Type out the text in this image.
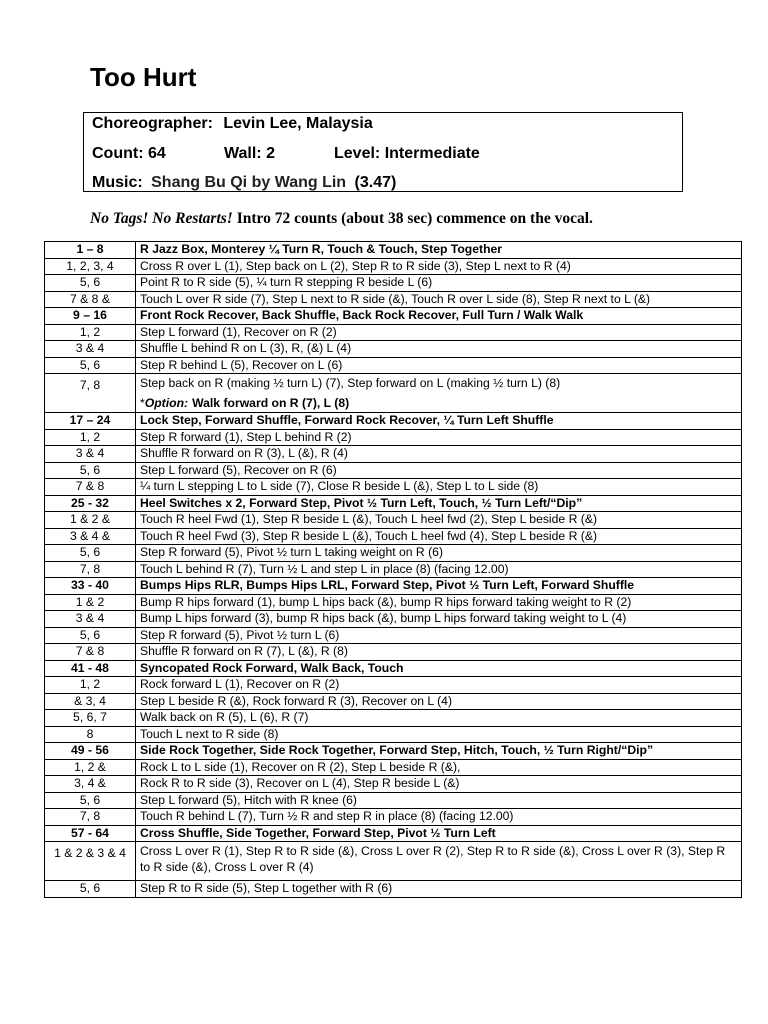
Too Hurt
Choreographer: Levin Lee, Malaysia
Count: 64	Wall: 2	Level: Intermediate
Music: Shang Bu Qi by Wang Lin (3.47)
No Tags! No Restarts! Intro 72 counts (about 38 sec) commence on the vocal.
1 – 8	R Jazz Box, Monterey ¼ Turn R, Touch & Touch, Step Together
1, 2, 3, 4	Cross R over L (1), Step back on L (2), Step R to R side (3), Step L next to R (4)
5, 6	Point R to R side (5), ¼ turn R stepping R beside L (6)
7 & 8 &	Touch L over R side (7), Step L next to R side (&), Touch R over L side (8), Step R next to L (&)
9 – 16	Front Rock Recover, Back Shuffle, Back Rock Recover, Full Turn / Walk Walk
1, 2	Step L forward (1), Recover on R (2)
3 & 4	Shuffle L behind R on L (3), R, (&) L (4)
5, 6	Step R behind L (5), Recover on L (6)
7, 8	Step back on R (making ½ turn L) (7), Step forward on L (making ½ turn L) (8)
*Option: Walk forward on R (7), L (8)

17 – 24	Lock Step, Forward Shuffle, Forward Rock Recover, ¼ Turn Left Shuffle
1, 2	Step R forward (1), Step L behind R (2)
3 & 4	Shuffle R forward on R (3), L (&), R (4)
5, 6	Step L forward (5), Recover on R (6)
7 & 8	¼ turn L stepping L to L side (7), Close R beside L (&), Step L to L side (8)
25 - 32	Heel Switches x 2, Forward Step, Pivot ½ Turn Left, Touch, ½ Turn Left/“Dip”
1 & 2 &	Touch R heel Fwd (1), Step R beside L (&), Touch L heel fwd (2), Step L beside R (&)
3 & 4 &	Touch R heel Fwd (3), Step R beside L (&), Touch L heel fwd (4), Step L beside R (&)
5, 6	Step R forward (5), Pivot ½ turn L taking weight on R (6)
7, 8	Touch L behind R (7), Turn ½ L and step L in place (8) (facing 12.00)
33 - 40	Bumps Hips RLR, Bumps Hips LRL, Forward Step, Pivot ½ Turn Left, Forward Shuffle
1 & 2	Bump R hips forward (1), bump L hips back (&), bump R hips forward taking weight to R (2)
3 & 4	Bump L hips forward (3), bump R hips back (&), bump L hips forward taking weight to L (4)
5, 6	Step R forward (5), Pivot ½ turn L (6)
7 & 8	Shuffle R forward on R (7), L (&), R (8)
41 - 48	Syncopated Rock Forward, Walk Back, Touch
1, 2	Rock forward L (1), Recover on R (2)
& 3, 4	Step L beside R (&), Rock forward R (3), Recover on L (4)
5, 6, 7	Walk back on R (5), L (6), R (7)
8	Touch L next to R side (8)
49 - 56	Side Rock Together, Side Rock Together, Forward Step, Hitch, Touch, ½ Turn Right/“Dip”
1, 2 &	Rock L to L side (1), Recover on R (2), Step L beside R (&),
3, 4 &	Rock R to R side (3), Recover on L (4), Step R beside L (&)
5, 6	Step L forward (5), Hitch with R knee (6)
7, 8	Touch R behind L (7), Turn ½ R and step R in place (8) (facing 12.00)
57 - 64	Cross Shuffle, Side Together, Forward Step, Pivot ½ Turn Left
1 & 2 & 3 & 4	Cross L over R (1), Step R to R side (&), Cross L over R (2), Step R to R side (&), Cross L over R (3), Step R to R side (&), Cross L over R (4)
5, 6	Step R to R side (5), Step L together with R (6)
